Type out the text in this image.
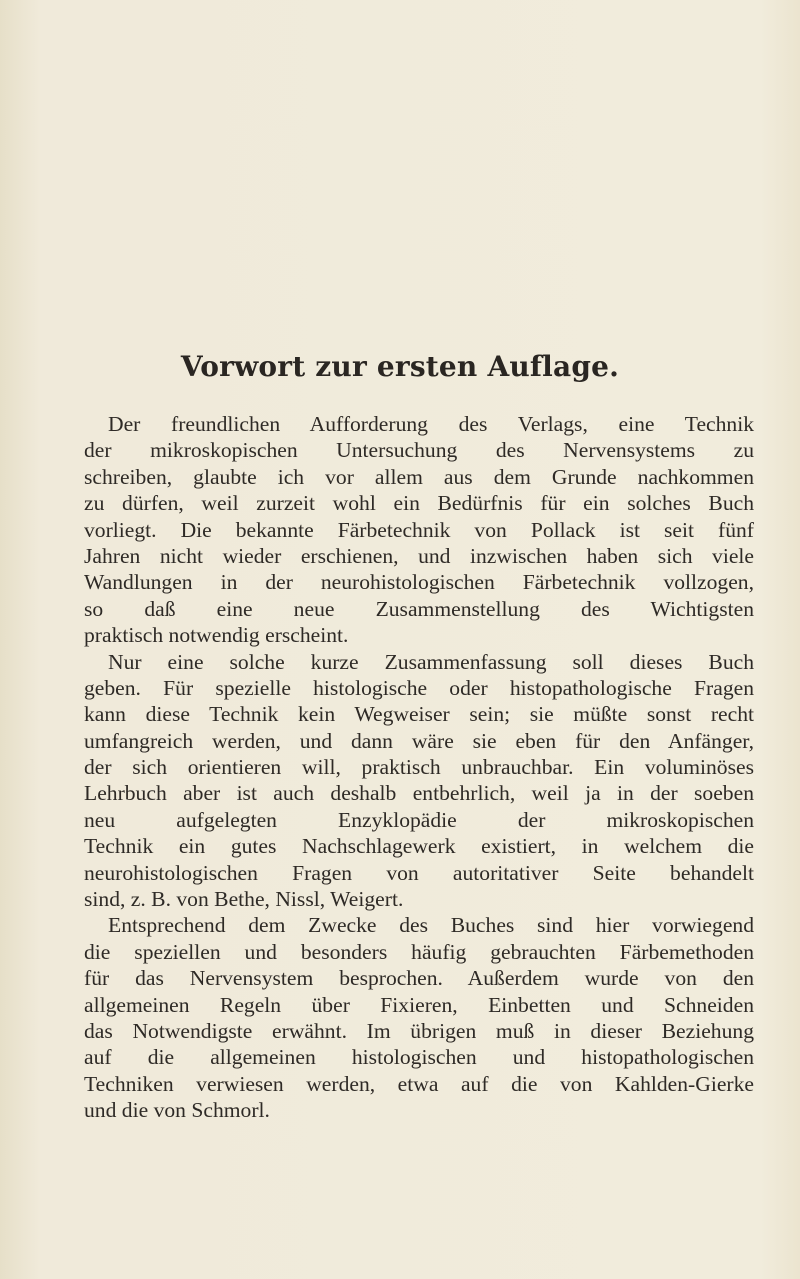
Vorwort zur ersten Auflage.
Der freundlichen Aufforderung des Verlags, eine Technik
der mikroskopischen Untersuchung des Nervensystems zu
schreiben, glaubte ich vor allem aus dem Grunde nachkommen
zu dürfen, weil zurzeit wohl ein Bedürfnis für ein solches Buch
vorliegt. Die bekannte Färbetechnik von Pollack ist seit fünf
Jahren nicht wieder erschienen, und inzwischen haben sich viele
Wandlungen in der neurohistologischen Färbetechnik vollzogen,
so daß eine neue Zusammenstellung des Wichtigsten
praktisch notwendig erscheint.
Nur eine solche kurze Zusammenfassung soll dieses Buch
geben. Für spezielle histologische oder histopathologische Fragen
kann diese Technik kein Wegweiser sein; sie müßte sonst recht
umfangreich werden, und dann wäre sie eben für den Anfänger,
der sich orientieren will, praktisch unbrauchbar. Ein voluminöses
Lehrbuch aber ist auch deshalb entbehrlich, weil ja in der soeben
neu aufgelegten Enzyklopädie der mikroskopischen
Technik ein gutes Nachschlagewerk existiert, in welchem die
neurohistologischen Fragen von autoritativer Seite behandelt
sind, z. B. von Bethe, Nissl, Weigert.
Entsprechend dem Zwecke des Buches sind hier vorwiegend
die speziellen und besonders häufig gebrauchten Färbemethoden
für das Nervensystem besprochen. Außerdem wurde von den
allgemeinen Regeln über Fixieren, Einbetten und Schneiden
das Notwendigste erwähnt. Im übrigen muß in dieser Beziehung
auf die allgemeinen histologischen und histopathologischen
Techniken verwiesen werden, etwa auf die von Kahlden-Gierke
und die von Schmorl.
